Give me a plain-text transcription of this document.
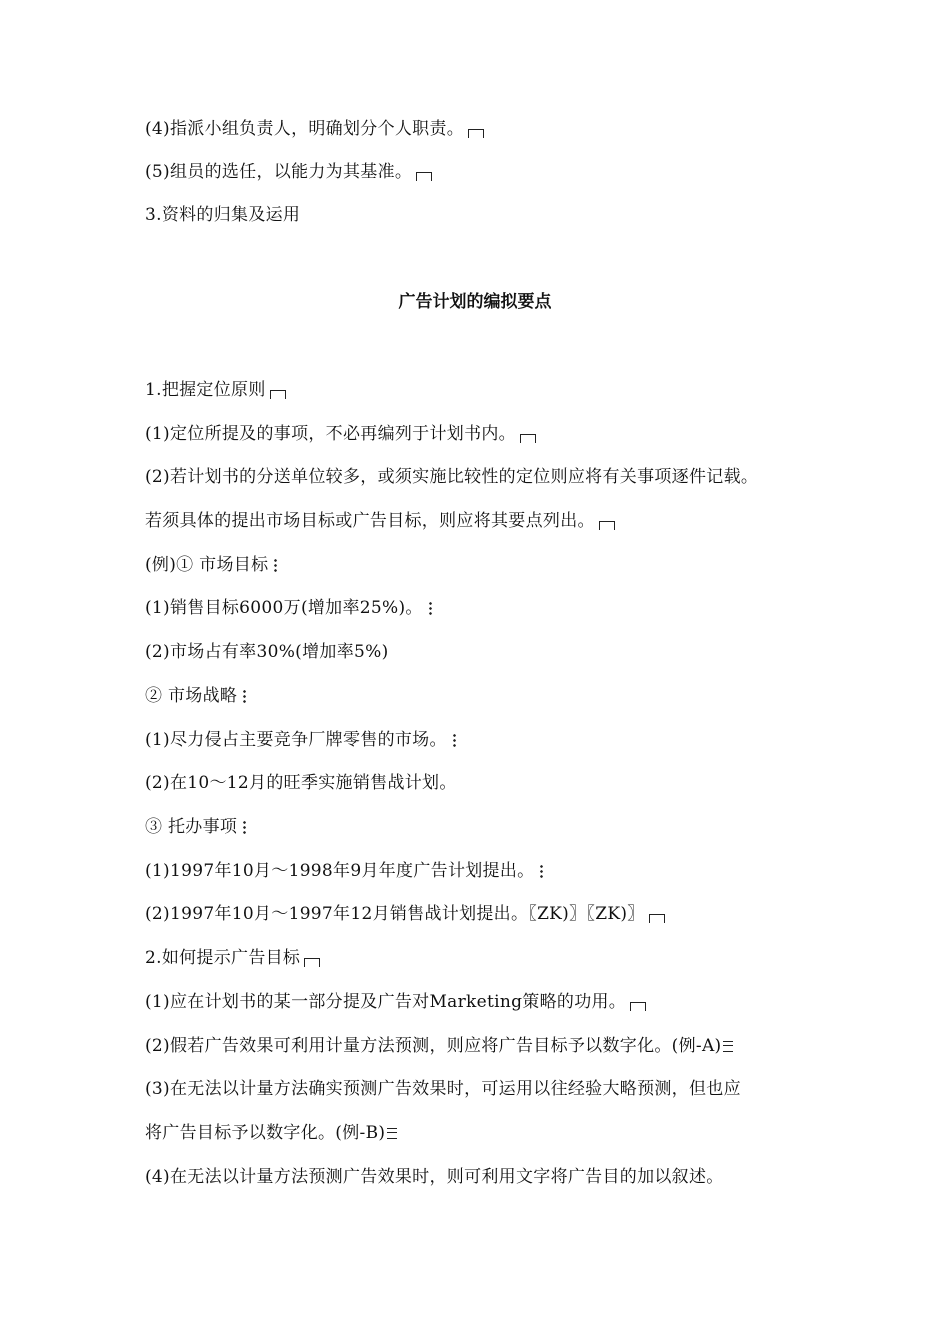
(4)指派小组负责人，明确划分个人职责。
(5)组员的选任，以能力为其基准。
3.资料的归集及运用
广告计划的编拟要点
1.把握定位原则
(1)定位所提及的事项，不必再编列于计划书内。
(2)若计划书的分送单位较多，或须实施比较性的定位则应将有关事项逐件记载。
若须具体的提出市场目标或广告目标，则应将其要点列出。
(例)① 市场目标
(1)销售目标6000万(增加率25%)。
(2)市场占有率30%(增加率5%)
② 市场战略
(1)尽力侵占主要竞争厂牌零售的市场。
(2)在10～12月的旺季实施销售战计划。
③ 托办事项
(1)1997年10月～1998年9月年度广告计划提出。
(2)1997年10月～1997年12月销售战计划提出。〖ZK)〗〖ZK)〗
2.如何提示广告目标
(1)应在计划书的某一部分提及广告对Marketing策略的功用。
(2)假若广告效果可利用计量方法预测，则应将广告目标予以数字化。(例-A)
(3)在无法以计量方法确实预测广告效果时，可运用以往经验大略预测，但也应
将广告目标予以数字化。(例-B)
(4)在无法以计量方法预测广告效果时，则可利用文字将广告目的加以叙述。
